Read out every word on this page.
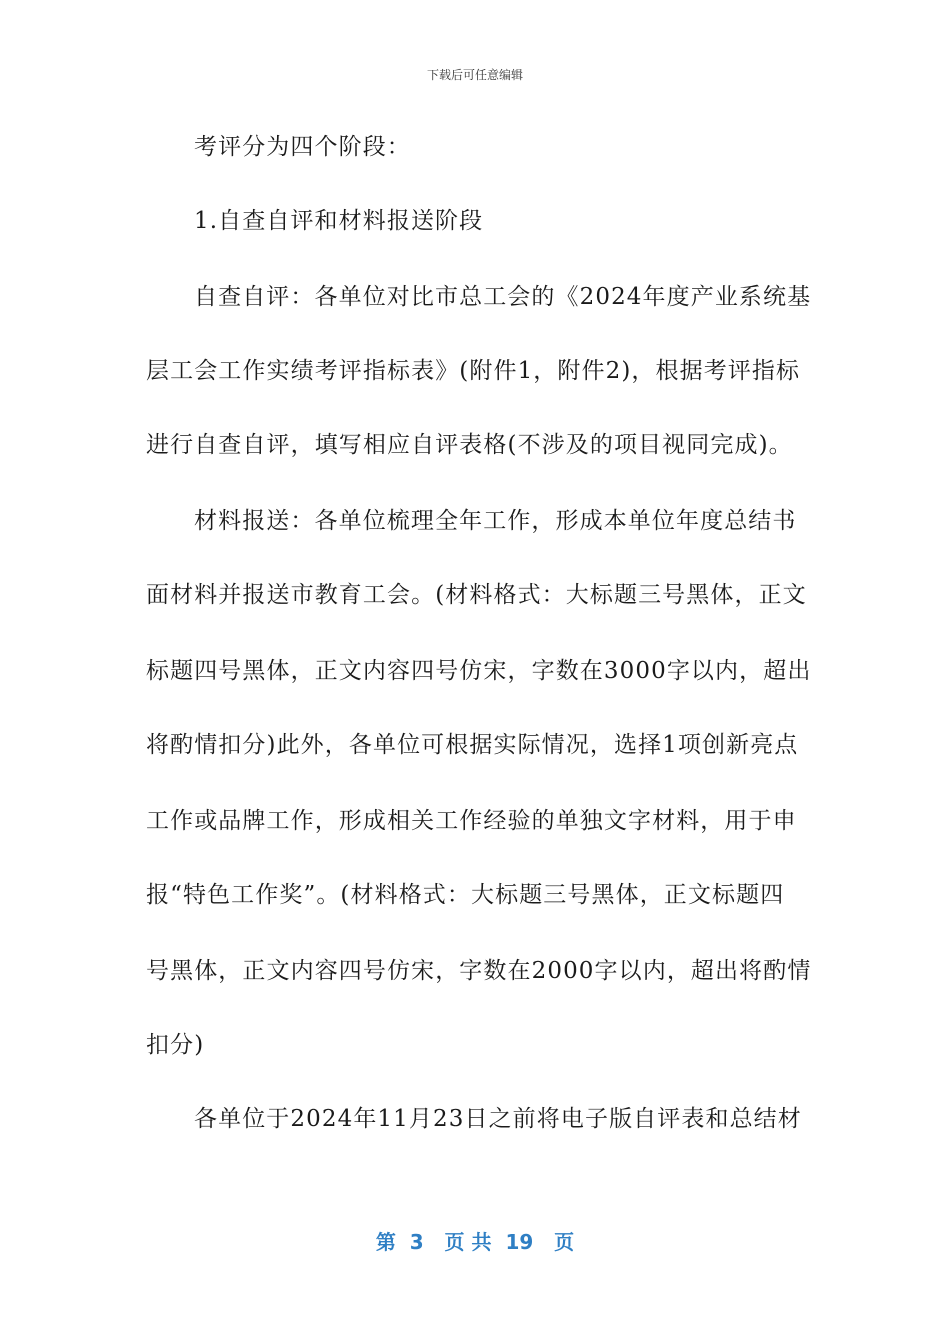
下载后可任意编辑
考评分为四个阶段：
1.自查自评和材料报送阶段
自查自评：各单位对比市总工会的《2024年度产业系统基
层工会工作实绩考评指标表》(附件1，附件2)，根据考评指标
进行自查自评，填写相应自评表格(不涉及的项目视同完成)。
材料报送：各单位梳理全年工作，形成本单位年度总结书
面材料并报送市教育工会。(材料格式：大标题三号黑体，正文
标题四号黑体，正文内容四号仿宋，字数在3000字以内，超出
将酌情扣分)此外，各单位可根据实际情况，选择1项创新亮点
工作或品牌工作，形成相关工作经验的单独文字材料，用于申
报“特色工作奖”。(材料格式：大标题三号黑体，正文标题四
号黑体，正文内容四号仿宋，字数在2000字以内，超出将酌情
扣分)
各单位于2024年11月23日之前将电子版自评表和总结材
第  3   页 共  19   页
